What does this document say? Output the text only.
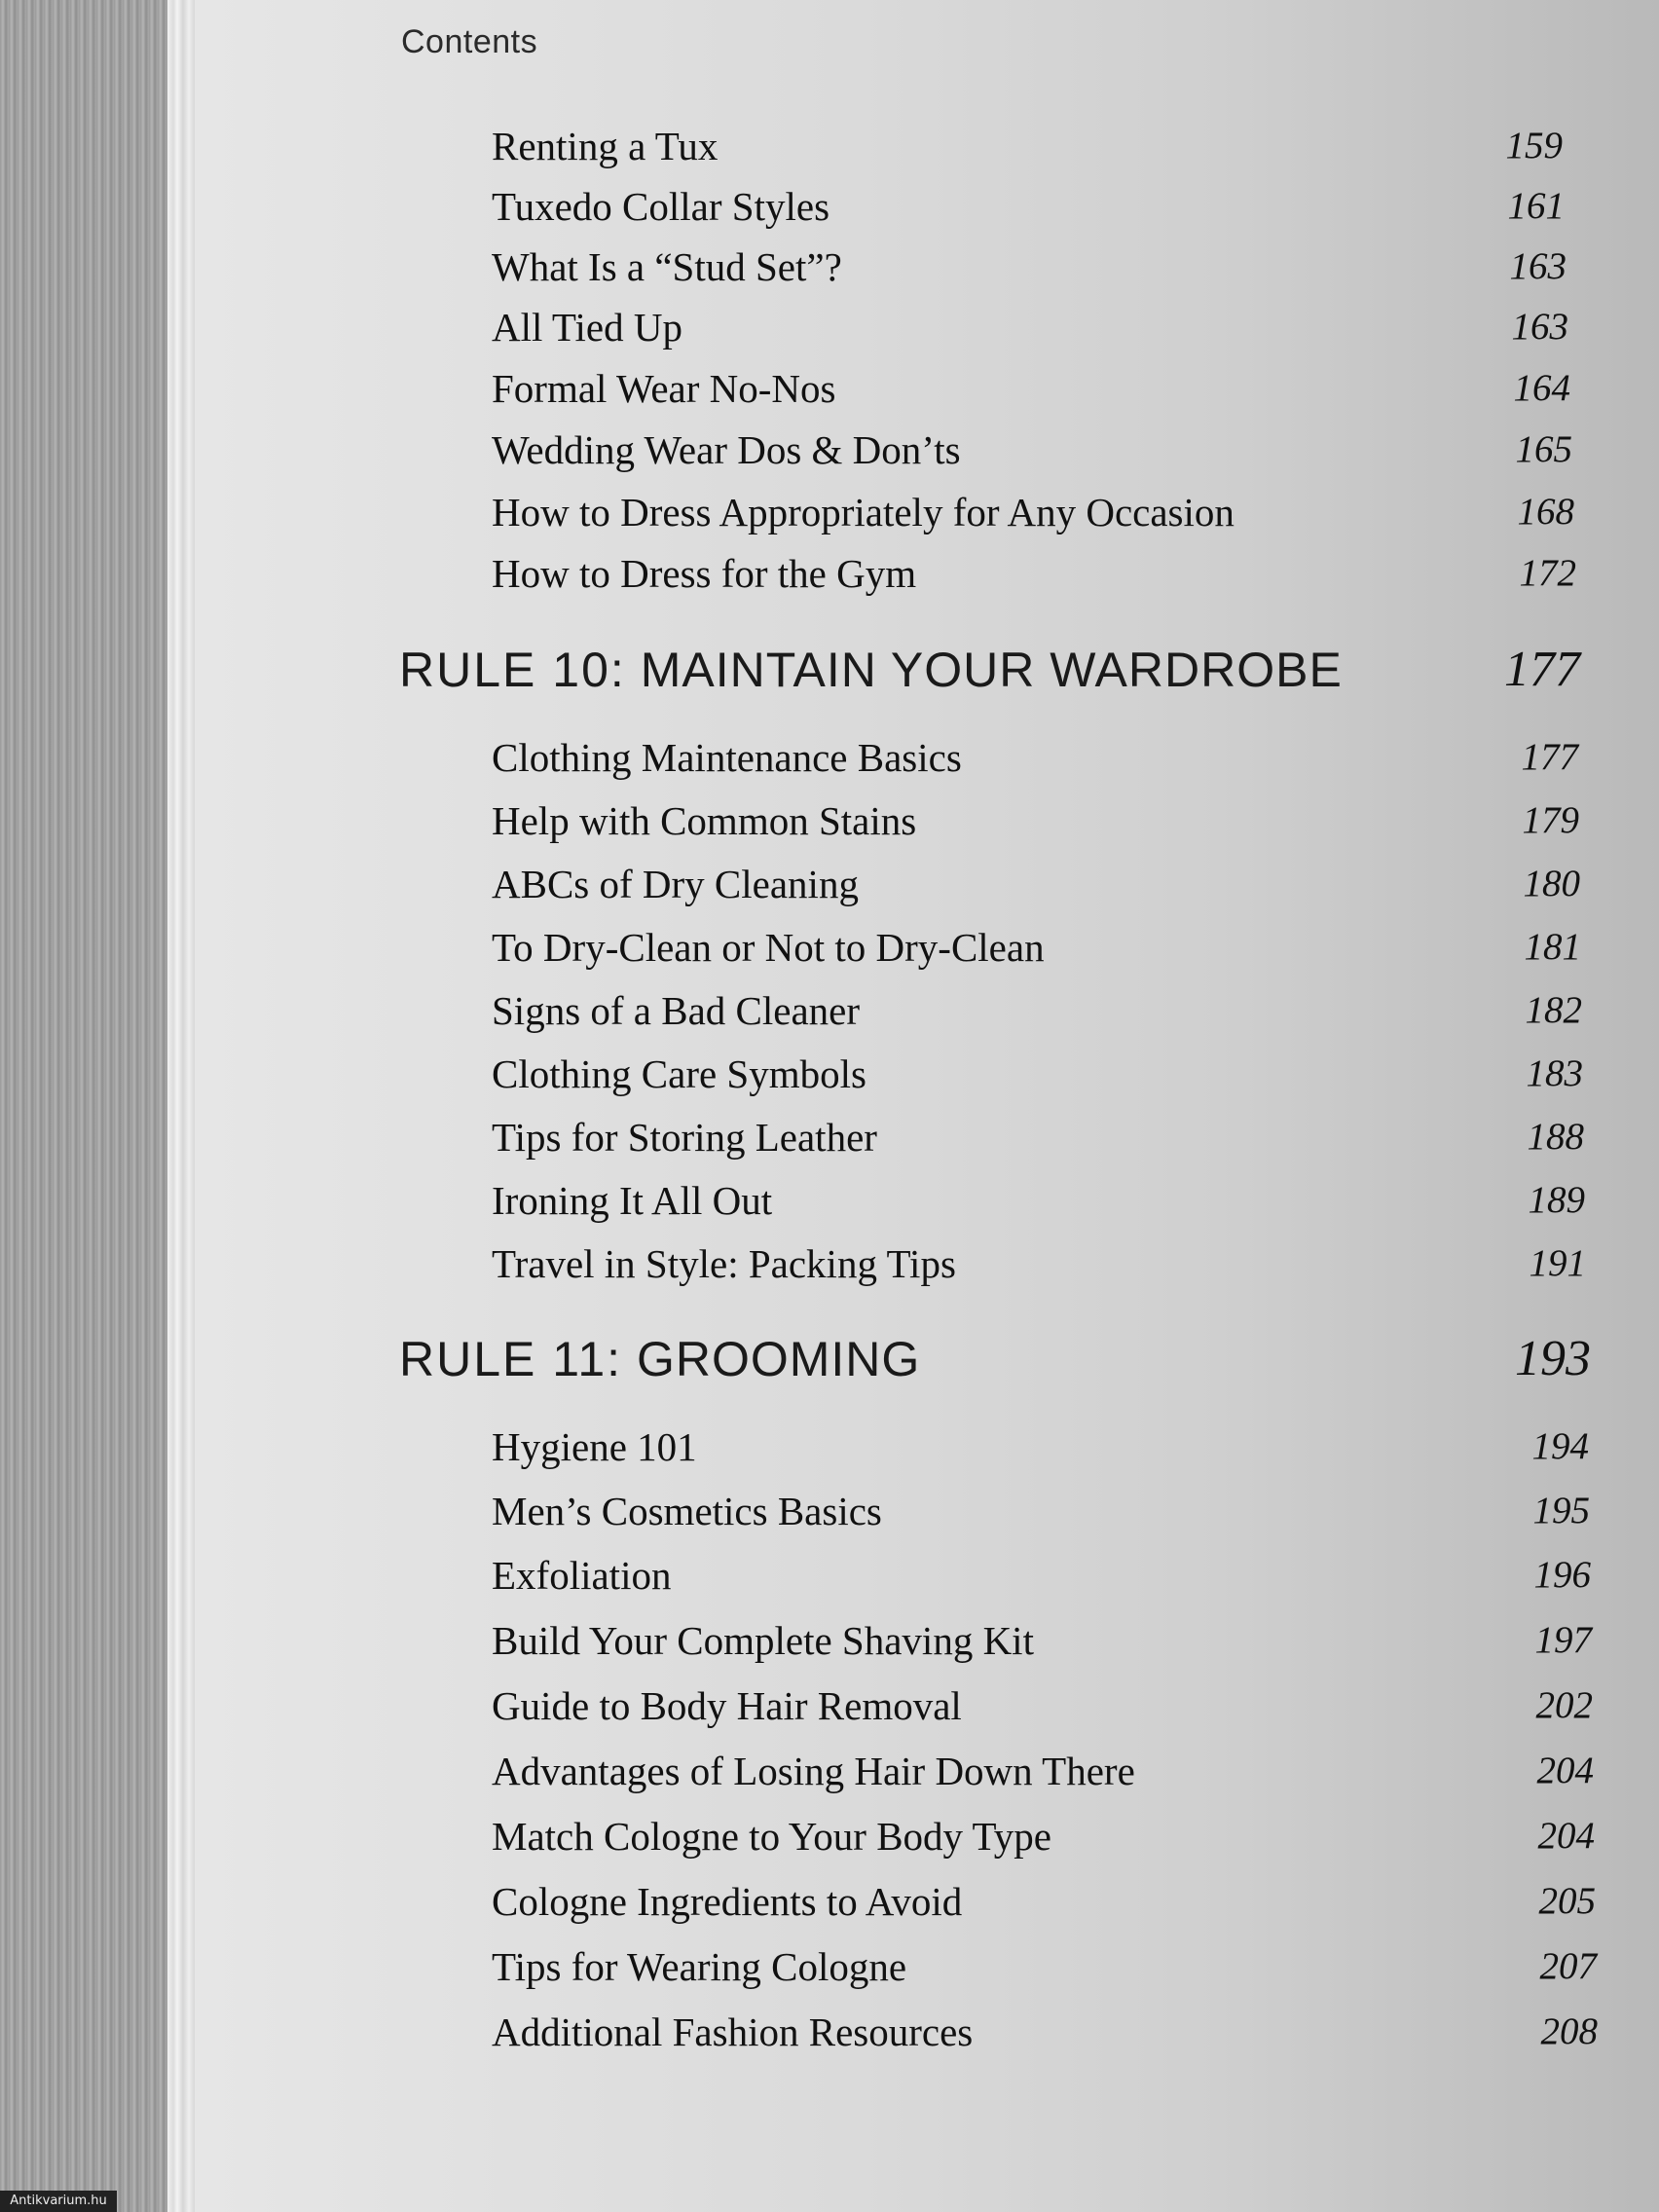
Contents
Renting a Tux	159
Tuxedo Collar Styles	161
What Is a “Stud Set”?	163
All Tied Up	163
Formal Wear No-Nos	164
Wedding Wear Dos & Don’ts	165
How to Dress Appropriately for Any Occasion	168
How to Dress for the Gym	172
RULE 10: MAINTAIN YOUR WARDROBE	177
Clothing Maintenance Basics	177
Help with Common Stains	179
ABCs of Dry Cleaning	180
To Dry-Clean or Not to Dry-Clean	181
Signs of a Bad Cleaner	182
Clothing Care Symbols	183
Tips for Storing Leather	188
Ironing It All Out	189
Travel in Style: Packing Tips	191
RULE 11: GROOMING	193
Hygiene 101	194
Men’s Cosmetics Basics	195
Exfoliation	196
Build Your Complete Shaving Kit	197
Guide to Body Hair Removal	202
Advantages of Losing Hair Down There	204
Match Cologne to Your Body Type	204
Cologne Ingredients to Avoid	205
Tips for Wearing Cologne	207
Additional Fashion Resources	208
Antikvarium.hu
